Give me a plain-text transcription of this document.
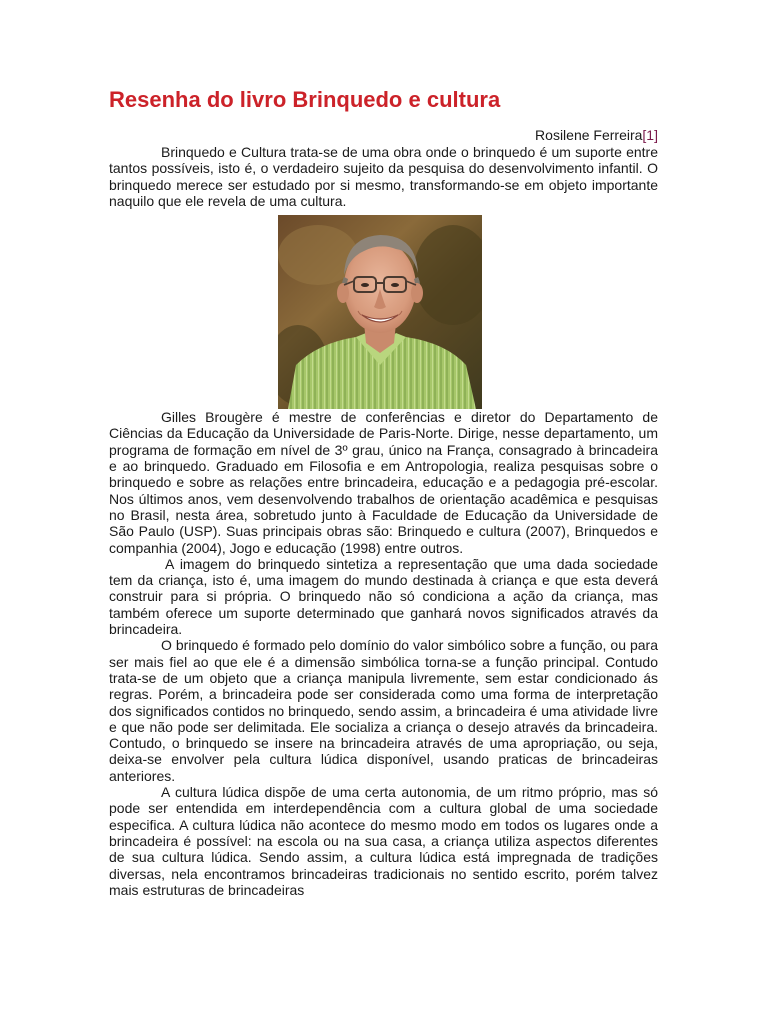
Resenha do livro Brinquedo e cultura
Rosilene Ferreira[1]

Brinquedo e Cultura trata-se de uma obra onde o brinquedo é um suporte entre tantos possíveis, isto é, o verdadeiro sujeito da pesquisa do desenvolvimento infantil. O brinquedo merece ser estudado por si mesmo, transformando-se em objeto importante naquilo que ele revela de uma cultura.

Gilles Brougère é mestre de conferências e diretor do Departamento de Ciências da Educação da Universidade de Paris-Norte. Dirige, nesse departamento, um programa de formação em nível de 3º grau, único na França, consagrado à brincadeira e ao brinquedo. Graduado em Filosofia e em Antropologia, realiza pesquisas sobre o brinquedo e sobre as relações entre brincadeira, educação e a pedagogia pré-escolar. Nos últimos anos, vem desenvolvendo trabalhos de orientação acadêmica e pesquisas no Brasil, nesta área, sobretudo junto à Faculdade de Educação da Universidade de São Paulo (USP). Suas principais obras são: Brinquedo e cultura (2007), Brinquedos e companhia (2004), Jogo e educação (1998) entre outros.

A imagem do brinquedo sintetiza a representação que uma dada sociedade tem da criança, isto é, uma imagem do mundo destinada à criança e que esta deverá construir para si própria. O brinquedo não só condiciona a ação da criança, mas também oferece um suporte determinado que ganhará novos significados através da brincadeira.

O brinquedo é formado pelo domínio do valor simbólico sobre a função, ou para ser mais fiel ao que ele é a dimensão simbólica torna-se a função principal. Contudo trata-se de um objeto que a criança manipula livremente, sem estar condicionado ás regras. Porém, a brincadeira pode ser considerada como uma forma de interpretação dos significados contidos no brinquedo, sendo assim, a brincadeira é uma atividade livre e que não pode ser delimitada. Ele socializa a criança o desejo através da brincadeira. Contudo, o brinquedo se insere na brincadeira através de uma apropriação, ou seja, deixa-se envolver pela cultura lúdica disponível, usando praticas de brincadeiras anteriores.

A cultura lúdica dispõe de uma certa autonomia, de um ritmo próprio, mas só pode ser entendida em interdependência com a cultura global de uma sociedade especifica. A cultura lúdica não acontece do mesmo modo em todos os lugares onde a brincadeira é possível: na escola ou na sua casa, a criança utiliza aspectos diferentes de sua cultura lúdica. Sendo assim, a cultura lúdica está impregnada de tradições diversas, nela encontramos brincadeiras tradicionais no sentido escrito, porém talvez mais estruturas de brincadeiras
